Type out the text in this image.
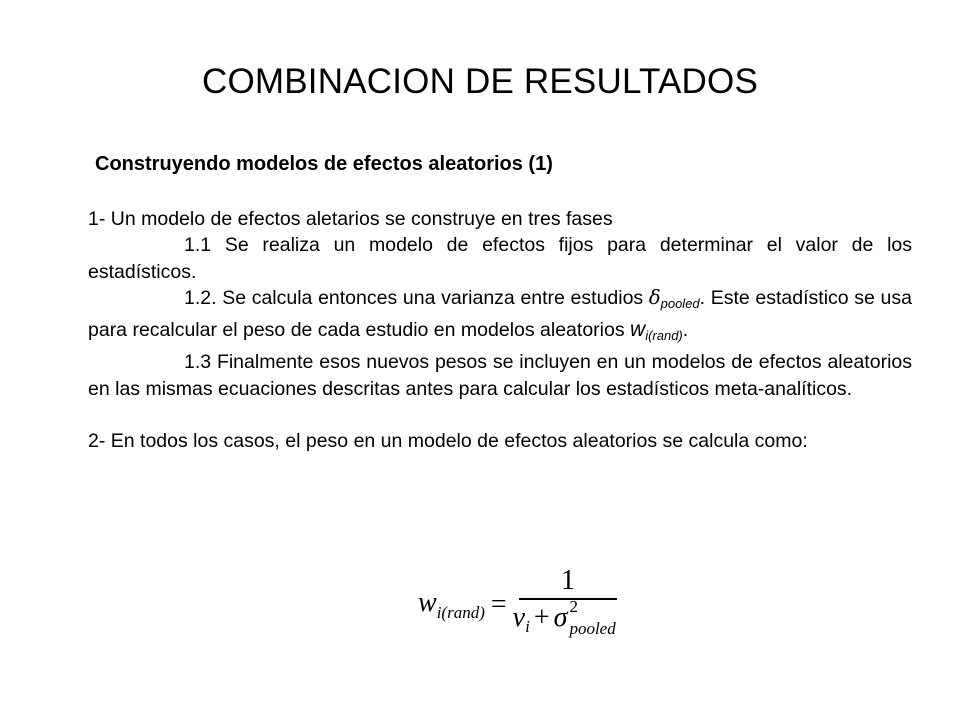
COMBINACION DE RESULTADOS
Construyendo modelos de efectos aleatorios (1)

1- Un modelo de efectos aletarios se construye en tres fases

1.1 Se realiza un modelo de efectos fijos para determinar el valor de los estadísticos.

1.2. Se calcula entonces una varianza entre estudios $\delta_{pooled}$. Este estadístico se usa para recalcular el peso de cada estudio en modelos aleatorios $w_{i(rand)}$.

1.3 Finalmente esos nuevos pesos se incluyen en un modelos de efectos aleatorios en las mismas ecuaciones descritas antes para calcular los estadísticos meta-analíticos.

2- En todos los casos, el peso en un modelo de efectos aleatorios se calcula como:

$w_{i(rand)} = 1$
$v_i + \sigma$ 2
pooled
